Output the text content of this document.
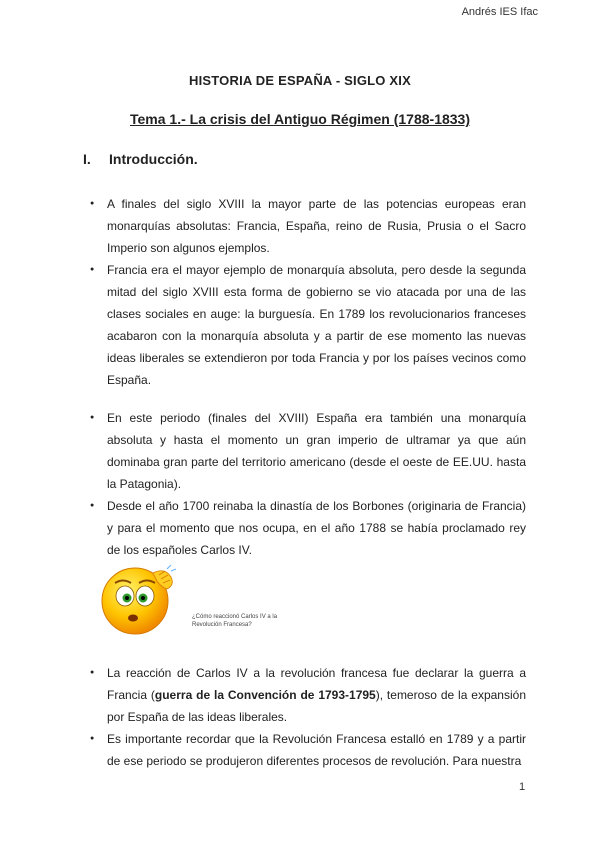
Andrés IES Ifac
HISTORIA DE ESPAÑA - SIGLO XIX
Tema 1.- La crisis del Antiguo Régimen (1788-1833)
I. Introducción.
● A finales del siglo XVIII la mayor parte de las potencias europeas eran monarquías absolutas: Francia, España, reino de Rusia, Prusia o el Sacro Imperio son algunos ejemplos.
● Francia era el mayor ejemplo de monarquía absoluta, pero desde la segunda mitad del siglo XVIII esta forma de gobierno se vio atacada por una de las clases sociales en auge: la burguesía. En 1789 los revolucionarios franceses acabaron con la monarquía absoluta y a partir de ese momento las nuevas ideas liberales se extendieron por toda Francia y por los países vecinos como España.
● En este periodo (finales del XVIII) España era también una monarquía absoluta y hasta el momento un gran imperio de ultramar ya que aún dominaba gran parte del territorio americano (desde el oeste de EE.UU. hasta la Patagonia).
● Desde el año 1700 reinaba la dinastía de los Borbones (originaria de Francia) y para el momento que nos ocupa, en el año 1788 se había proclamado rey de los españoles Carlos IV.
¿Cómo reaccionó Carlos IV a la Revolución Francesa?
● La reacción de Carlos IV a la revolución francesa fue declarar la guerra a Francia (guerra de la Convención de 1793-1795), temeroso de la expansión por España de las ideas liberales.
● Es importante recordar que la Revolución Francesa estalló en 1789 y a partir de ese periodo se produjeron diferentes procesos de revolución. Para nuestra
1
